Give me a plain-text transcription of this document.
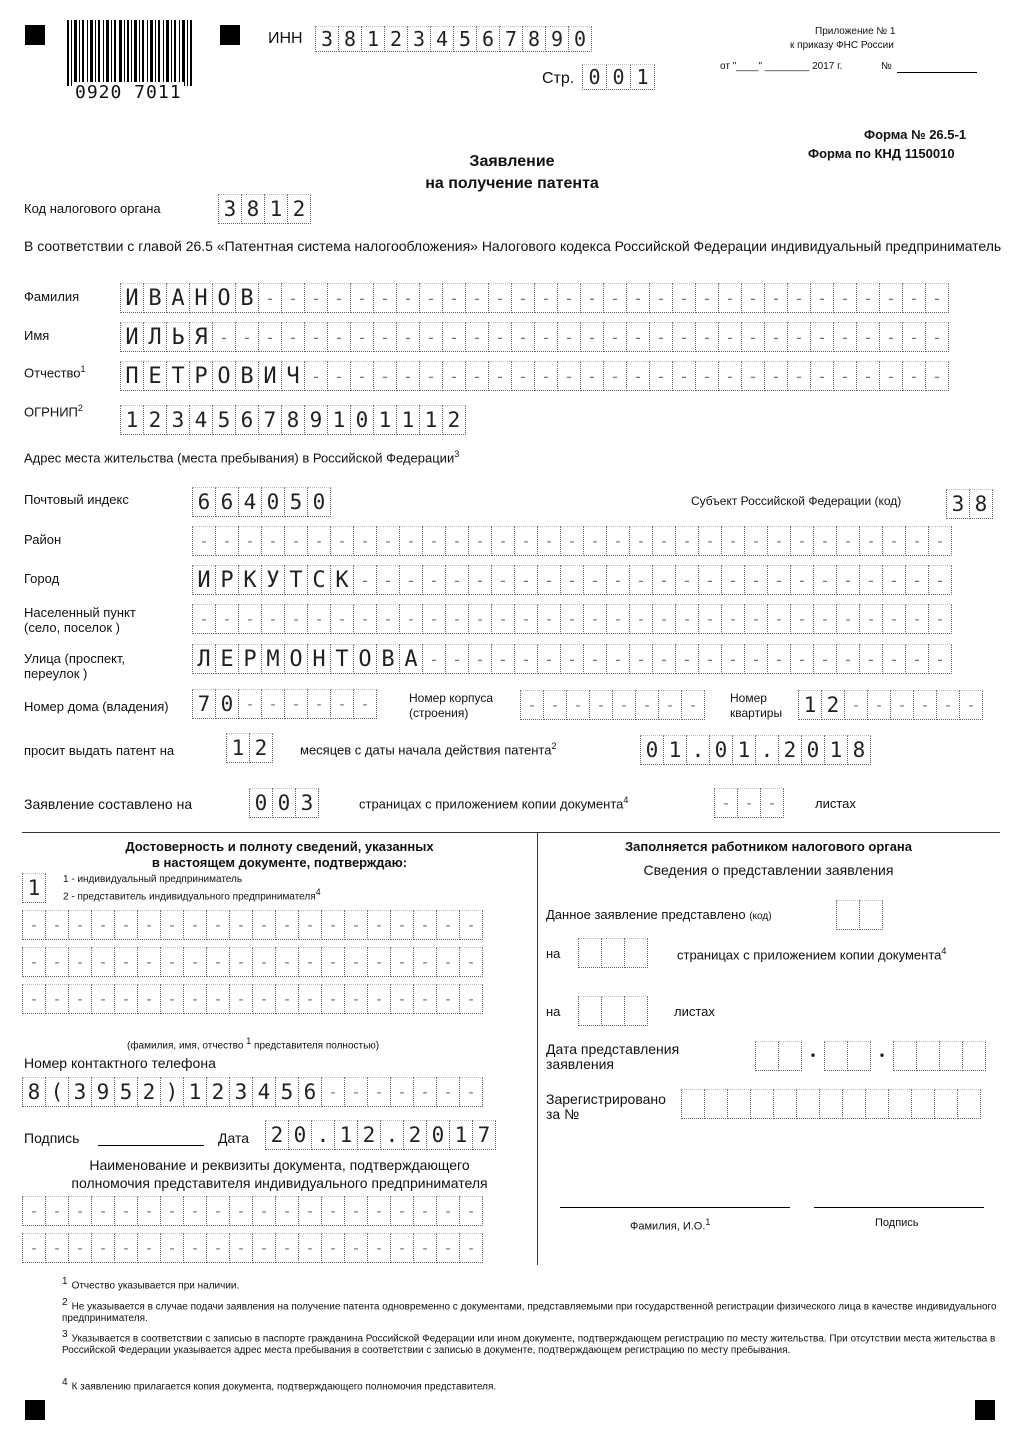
0920 7011
ИНН 3 8 1 2 3 4 5 6 7 8 9 0
Стр. 0 0 1
Приложение № 1
к приказу ФНС России
от "____" ________ 2017 г.	№
Форма № 26.5-1
Форма по КНД 1150010
Заявление
на получение патента
Код налогового органа	3 8 1 2
В соответствии с главой 26.5 «Патентная система налогообложения» Налогового кодекса Российской Федерации индивидуальный предприниматель
Фамилия И В А Н О В - - - - - - - - - - - - - - - - - - - - - - - - - - - - - -
Имя	И Л Ь Я - - - - - - - - - - - - - - - - - - - - - - - - - - - - - - - -
Отчество$^1$ П Е Т Р О В И Ч - - - - - - - - - - - - - - - - - - - - - - - - - - - -
ОГРНИП$^2$ 1 2 3 4 5 6 7 8 9 1 0 1 1 1 2
Адрес места жительства (места пребывания) в Российской Федерации$^3$
Почтовый индекс	6 6 4 0 5 0	Субъект Российской Федерации (код) 3 8
Район	- - - - - - - - - - - - - - - - - - - - - - - - - - - - - - - - -
Город	И Р К У Т С К - - - - - - - - - - - - - - - - - - - - - - - - - -
Населенный пункт
(село, поселок )	- - - - - - - - - - - - - - - - - - - - - - - - - - - - - - - - -
Улица (проспект,
переулок )
Л Е Р М О Н Т О В А - - - - - - - - - - - - - - - - - - - - - - -
Номер дома (владения) 7 0 - - - - - -	Номер корпуса
(строения)	- - - - - - - -	Номер
квартиры 1 2 - - - - - -
просит выдать патент на	1 2	месяцев с даты начала действия патента$^2$	0 1 . 0 1 . 2 0 1 8
Заявление составлено на	0 0 3	страницах с приложением копии документа$^4$	- - -	листах
Достоверность и полноту сведений, указанных
в настоящем документе, подтверждаю:
1	1 - индивидуальный предприниматель
2 - представитель индивидуального предпринимателя4
- - - - - - - - - - - - - - - - - - - -
- - - - - - - - - - - - - - - - - - - -
- - - - - - - - - - - - - - - - - - - -
(фамилия, имя, отчество 1 представителя полностью)
Номер контактного телефона
8 ( 3 9 5 2 ) 1 2 3 4 5 6 - - - - - - -
Подпись	Дата 2 0 . 1 2 . 2 0 1 7
Наименование и реквизиты документа, подтверждающего
полномочия представителя индивидуального предпринимателя
- - - - - - - - - - - - - - - - - - - -
- - - - - - - - - - - - - - - - - - - -
Заполняется работником налогового органа
Сведения о представлении заявления
Данное заявление представлено (код)
на	страницах с приложением копии документа$^4$
на	листах
Дата представления
заявления	•	•
Зарегистрировано
за №
Фамилия, И.О.$^1$	Подпись
1 Отчество указывается при наличии.
2 Не указывается в случае подачи заявления на получение патента одновременно с документами, представляемыми при государственной регистрации физического лица в качестве индивидуального предпринимателя.
3 Указывается в соответствии с записью в паспорте гражданина Российской Федерации или ином документе, подтверждающем регистрацию по месту жительства. При отсутствии места жительства в Российской Федерации указывается адрес места пребывания в соответствии с записью в документе, подтверждающем регистрацию по месту пребывания.
4 К заявлению прилагается копия документа, подтверждающего полномочия представителя.
